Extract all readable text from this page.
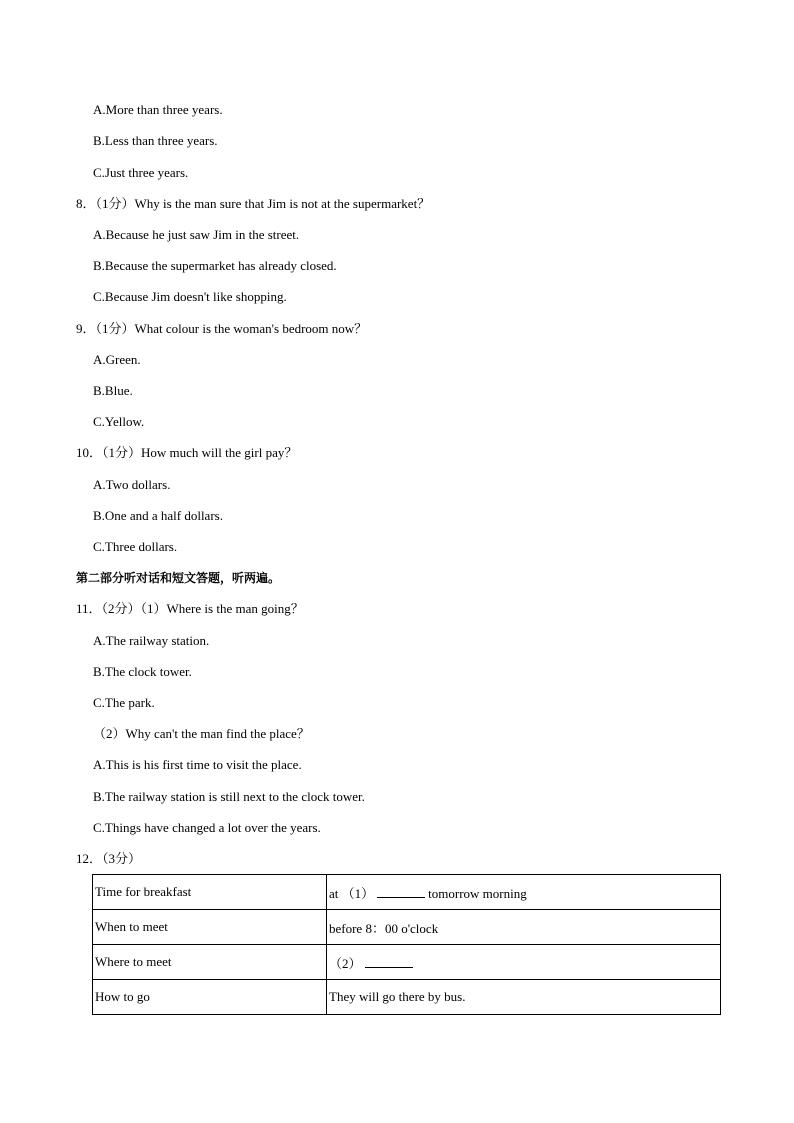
A.More than three years.
B.Less than three years.
C.Just three years.
8．（1分）Why is the man sure that Jim is not at the supermarket？
A.Because he just saw Jim in the street.
B.Because the supermarket has already closed.
C.Because Jim doesn't like shopping.
9．（1分）What colour is the woman's bedroom now？
A.Green.
B.Blue.
C.Yellow.
10．（1分）How much will the girl pay？
A.Two dollars.
B.One and a half dollars.
C.Three dollars.
第二部分听对话和短文答题，听两遍。
11．（2分）（1）Where is the man going？
A.The railway station.
B.The clock tower.
C.The park.
（2）Why can't the man find the place？
A.This is his first time to visit the place.
B.The railway station is still next to the clock tower.
C.Things have changed a lot over the years.
12．（3分）
Time for breakfast	at （1） tomorrow morning
When to meet	before 8：00 o'clock
Where to meet	（2）
How to go	They will go there by bus.
